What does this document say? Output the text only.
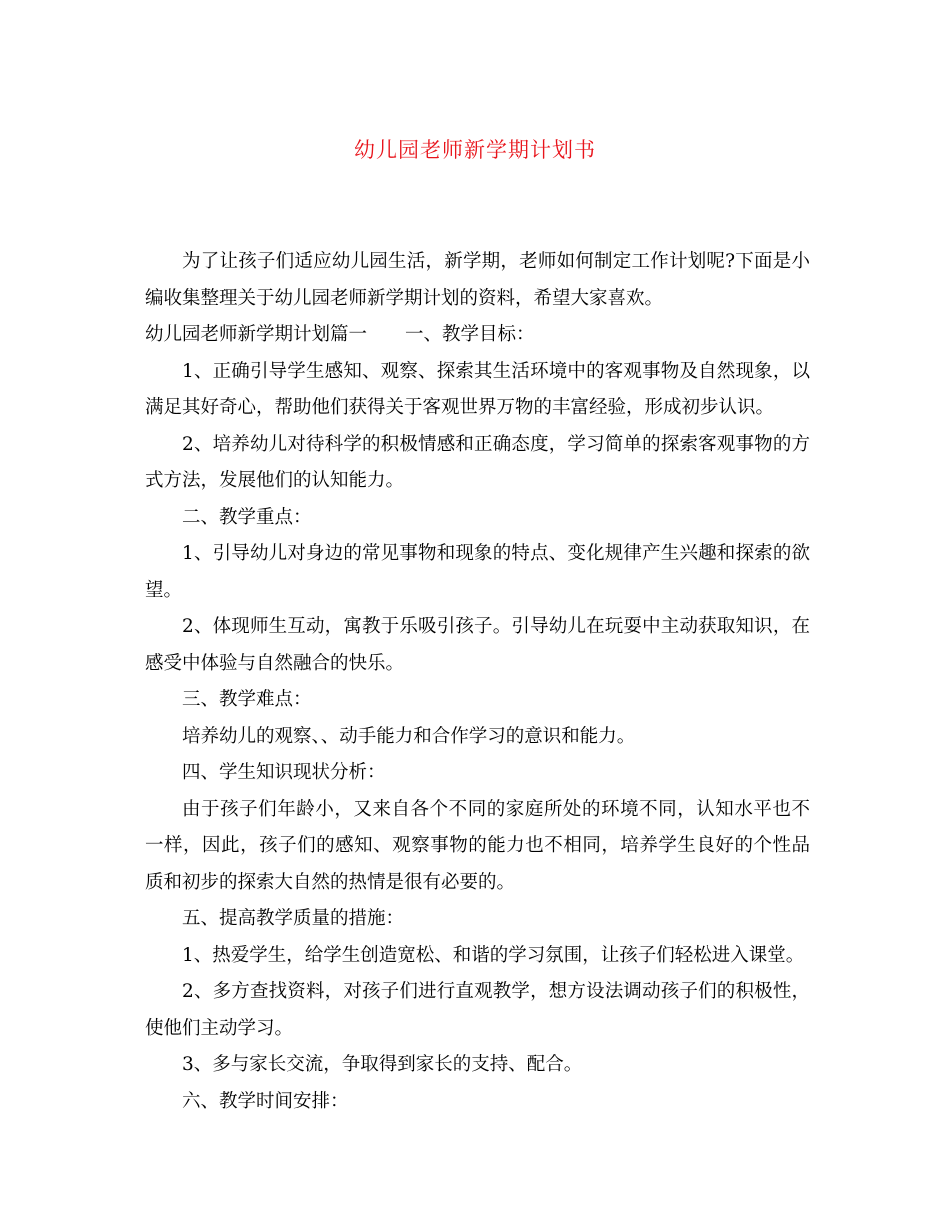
幼儿园老师新学期计划书

为了让孩子们适应幼儿园生活，新学期，老师如何制定工作计划呢?下面是小编收集整理关于幼儿园老师新学期计划的资料，希望大家喜欢。

幼儿园老师新学期计划篇一 一、教学目标：

1、正确引导学生感知、观察、探索其生活环境中的客观事物及自然现象，以满足其好奇心，帮助他们获得关于客观世界万物的丰富经验，形成初步认识。

2、培养幼儿对待科学的积极情感和正确态度，学习简单的探索客观事物的方式方法，发展他们的认知能力。

二、教学重点：

1、引导幼儿对身边的常见事物和现象的特点、变化规律产生兴趣和探索的欲望。

2、体现师生互动，寓教于乐吸引孩子。引导幼儿在玩耍中主动获取知识，在感受中体验与自然融合的快乐。

三、教学难点：

培养幼儿的观察、、动手能力和合作学习的意识和能力。

四、学生知识现状分析：

由于孩子们年龄小，又来自各个不同的家庭所处的环境不同，认知水平也不一样，因此，孩子们的感知、观察事物的能力也不相同，培养学生良好的个性品质和初步的探索大自然的热情是很有必要的。

五、提高教学质量的措施：

1、热爱学生，给学生创造宽松、和谐的学习氛围，让孩子们轻松进入课堂。

2、多方查找资料，对孩子们进行直观教学，想方设法调动孩子们的积极性，使他们主动学习。

3、多与家长交流，争取得到家长的支持、配合。

六、教学时间安排：
